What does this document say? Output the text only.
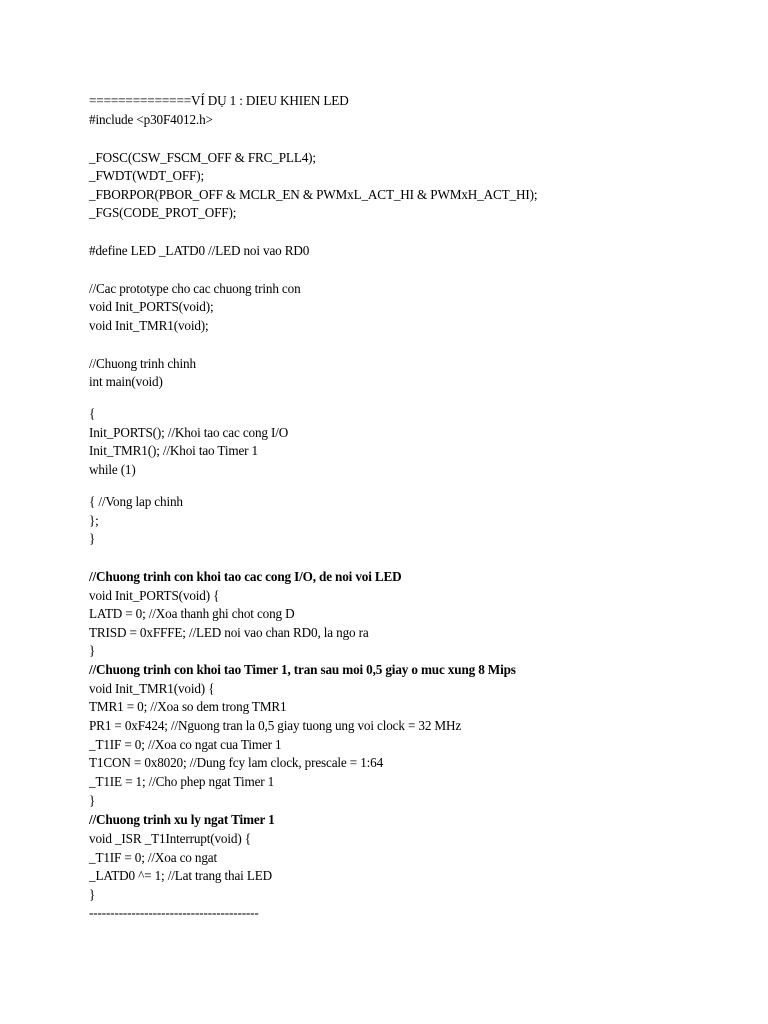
==============VÍ DỤ 1 : DIEU KHIEN LED
#include <p30F4012.h>
_FOSC(CSW_FSCM_OFF & FRC_PLL4);
_FWDT(WDT_OFF);
_FBORPOR(PBOR_OFF & MCLR_EN & PWMxL_ACT_HI & PWMxH_ACT_HI);
_FGS(CODE_PROT_OFF);
#define LED _LATD0 //LED noi vao RD0
//Cac prototype cho cac chuong trinh con
void Init_PORTS(void);
void Init_TMR1(void);
//Chuong trinh chinh
int main(void)
{
Init_PORTS(); //Khoi tao cac cong I/O
Init_TMR1(); //Khoi tao Timer 1
while (1)
{ //Vong lap chinh
};
}
//Chuong trinh con khoi tao cac cong I/O, de noi voi LED
void Init_PORTS(void) {
LATD = 0; //Xoa thanh ghi chot cong D
TRISD = 0xFFFE; //LED noi vao chan RD0, la ngo ra
}
//Chuong trinh con khoi tao Timer 1, tran sau moi 0,5 giay o muc xung 8 Mips
void Init_TMR1(void) {
TMR1 = 0; //Xoa so dem trong TMR1
PR1 = 0xF424; //Nguong tran la 0,5 giay tuong ung voi clock = 32 MHz
_T1IF = 0; //Xoa co ngat cua Timer 1
T1CON = 0x8020; //Dung fcy lam clock, prescale = 1:64
_T1IE = 1; //Cho phep ngat Timer 1
}
//Chuong trinh xu ly ngat Timer 1
void _ISR _T1Interrupt(void) {
_T1IF = 0; //Xoa co ngat
_LATD0 ^= 1; //Lat trang thai LED
}
----------------------------------------
